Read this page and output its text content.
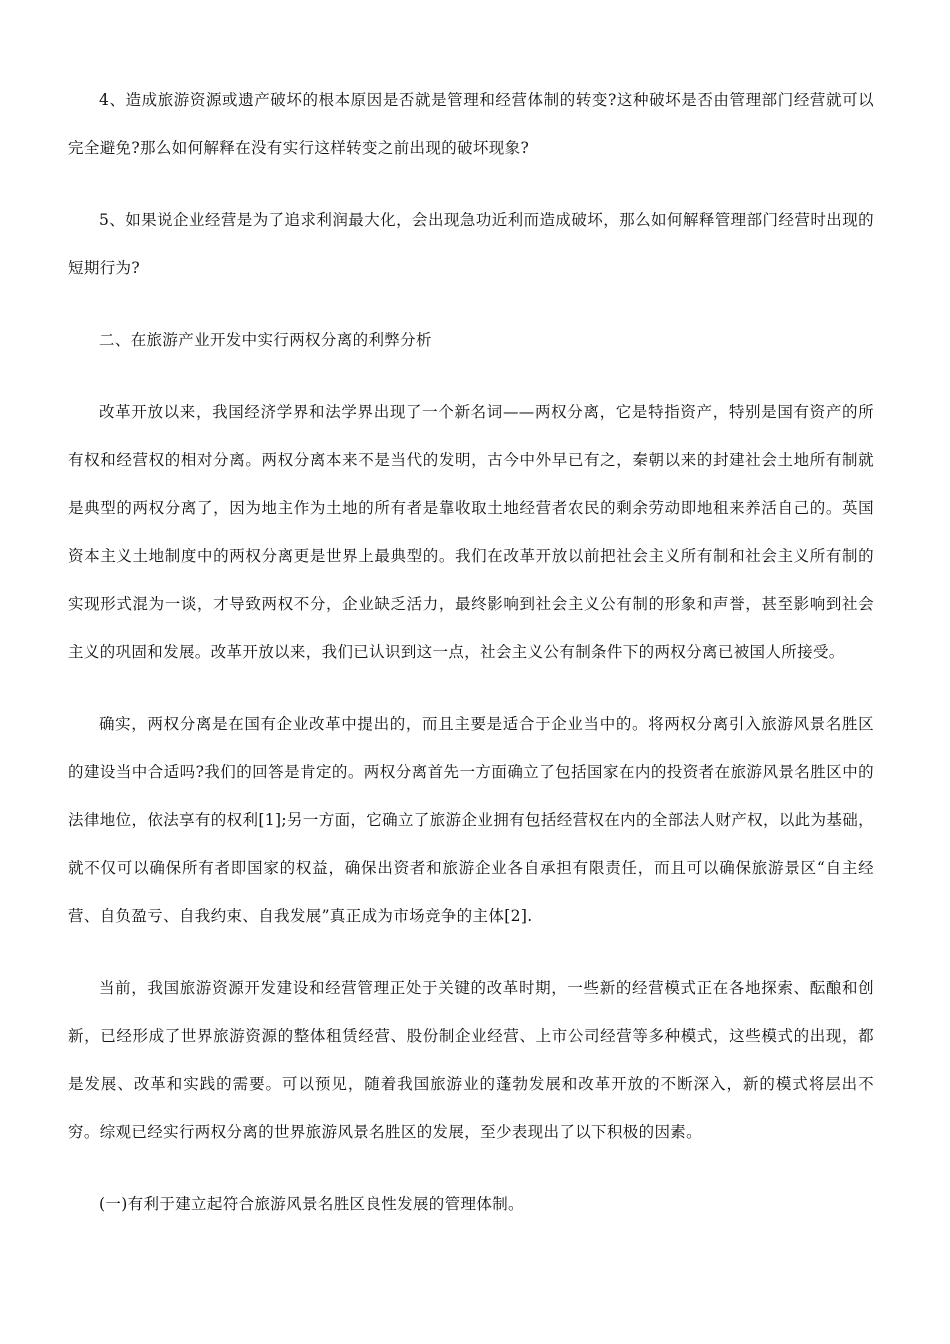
4、造成旅游资源或遗产破坏的根本原因是否就是管理和经营体制的转变?这种破坏是否由管理部门经营就可以完全避免?那么如何解释在没有实行这样转变之前出现的破坏现象?

5、如果说企业经营是为了追求利润最大化，会出现急功近利而造成破坏，那么如何解释管理部门经营时出现的短期行为?

二、在旅游产业开发中实行两权分离的利弊分析

改革开放以来，我国经济学界和法学界出现了一个新名词——两权分离，它是特指资产，特别是国有资产的所有权和经营权的相对分离。两权分离本来不是当代的发明，古今中外早已有之，秦朝以来的封建社会土地所有制就是典型的两权分离了，因为地主作为土地的所有者是靠收取土地经营者农民的剩余劳动即地租来养活自己的。英国资本主义土地制度中的两权分离更是世界上最典型的。我们在改革开放以前把社会主义所有制和社会主义所有制的实现形式混为一谈，才导致两权不分，企业缺乏活力，最终影响到社会主义公有制的形象和声誉，甚至影响到社会主义的巩固和发展。改革开放以来，我们已认识到这一点，社会主义公有制条件下的两权分离已被国人所接受。

确实，两权分离是在国有企业改革中提出的，而且主要是适合于企业当中的。将两权分离引入旅游风景名胜区的建设当中合适吗?我们的回答是肯定的。两权分离首先一方面确立了包括国家在内的投资者在旅游风景名胜区中的法律地位，依法享有的权利[1];另一方面，它确立了旅游企业拥有包括经营权在内的全部法人财产权，以此为基础，就不仅可以确保所有者即国家的权益，确保出资者和旅游企业各自承担有限责任，而且可以确保旅游景区“自主经营、自负盈亏、自我约束、自我发展”真正成为市场竞争的主体[2].

当前，我国旅游资源开发建设和经营管理正处于关键的改革时期，一些新的经营模式正在各地探索、酝酿和创新，已经形成了世界旅游资源的整体租赁经营、股份制企业经营、上市公司经营等多种模式，这些模式的出现，都是发展、改革和实践的需要。可以预见，随着我国旅游业的蓬勃发展和改革开放的不断深入，新的模式将层出不穷。综观已经实行两权分离的世界旅游风景名胜区的发展，至少表现出了以下积极的因素。

(一)有利于建立起符合旅游风景名胜区良性发展的管理体制。
